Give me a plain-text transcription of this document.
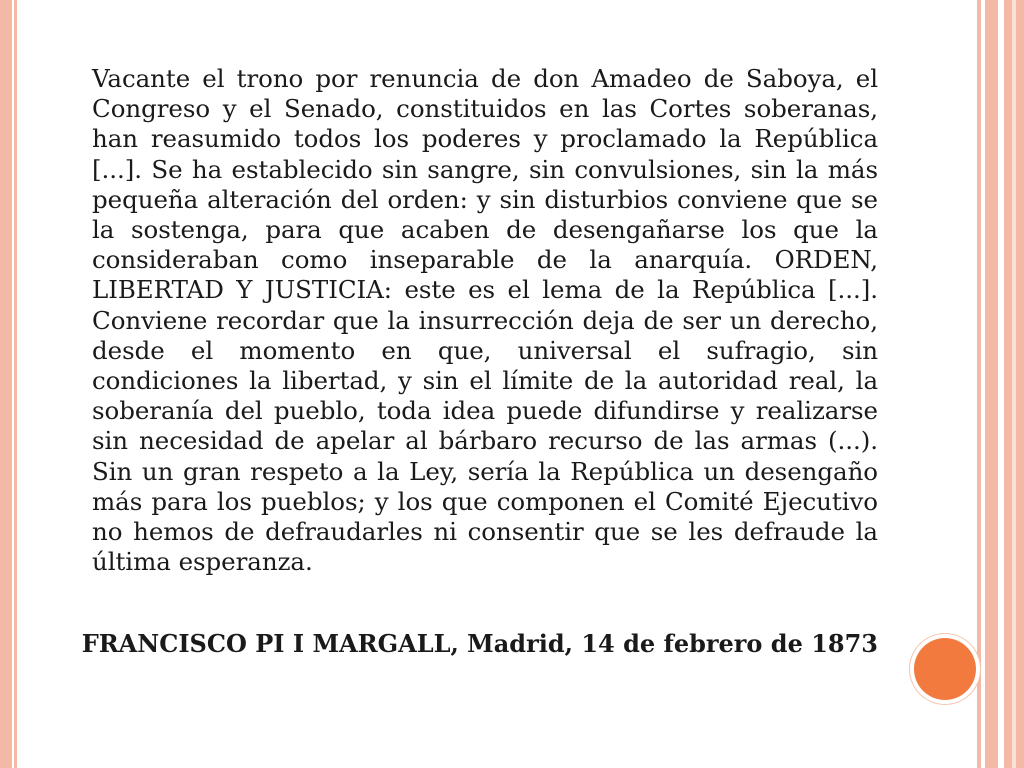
Vacante el trono por renuncia de don Amadeo de Saboya, el Congreso y el Senado, constituidos en las Cortes soberanas, han reasumido todos los poderes y proclamado la República [...]. Se ha establecido sin sangre, sin convulsiones, sin la más pequeña alteración del orden: y sin disturbios conviene que se la sostenga, para que acaben de desengañarse los que la consideraban como inseparable de la anarquía. ORDEN, LIBERTAD Y JUSTICIA: este es el lema de la República [...]. Conviene recordar que la insurrección deja de ser un derecho, desde el momento en que, universal el sufragio, sin condiciones la libertad, y sin el límite de la autoridad real, la soberanía del pueblo, toda idea puede difundirse y realizarse sin necesidad de apelar al bárbaro recurso de las armas (...). Sin un gran respeto a la Ley, sería la República un desengaño más para los pueblos; y los que componen el Comité Ejecutivo no hemos de defraudarles ni consentir que se les defraude la última esperanza.

FRANCISCO PI I MARGALL, Madrid, 14 de febrero de 1873
